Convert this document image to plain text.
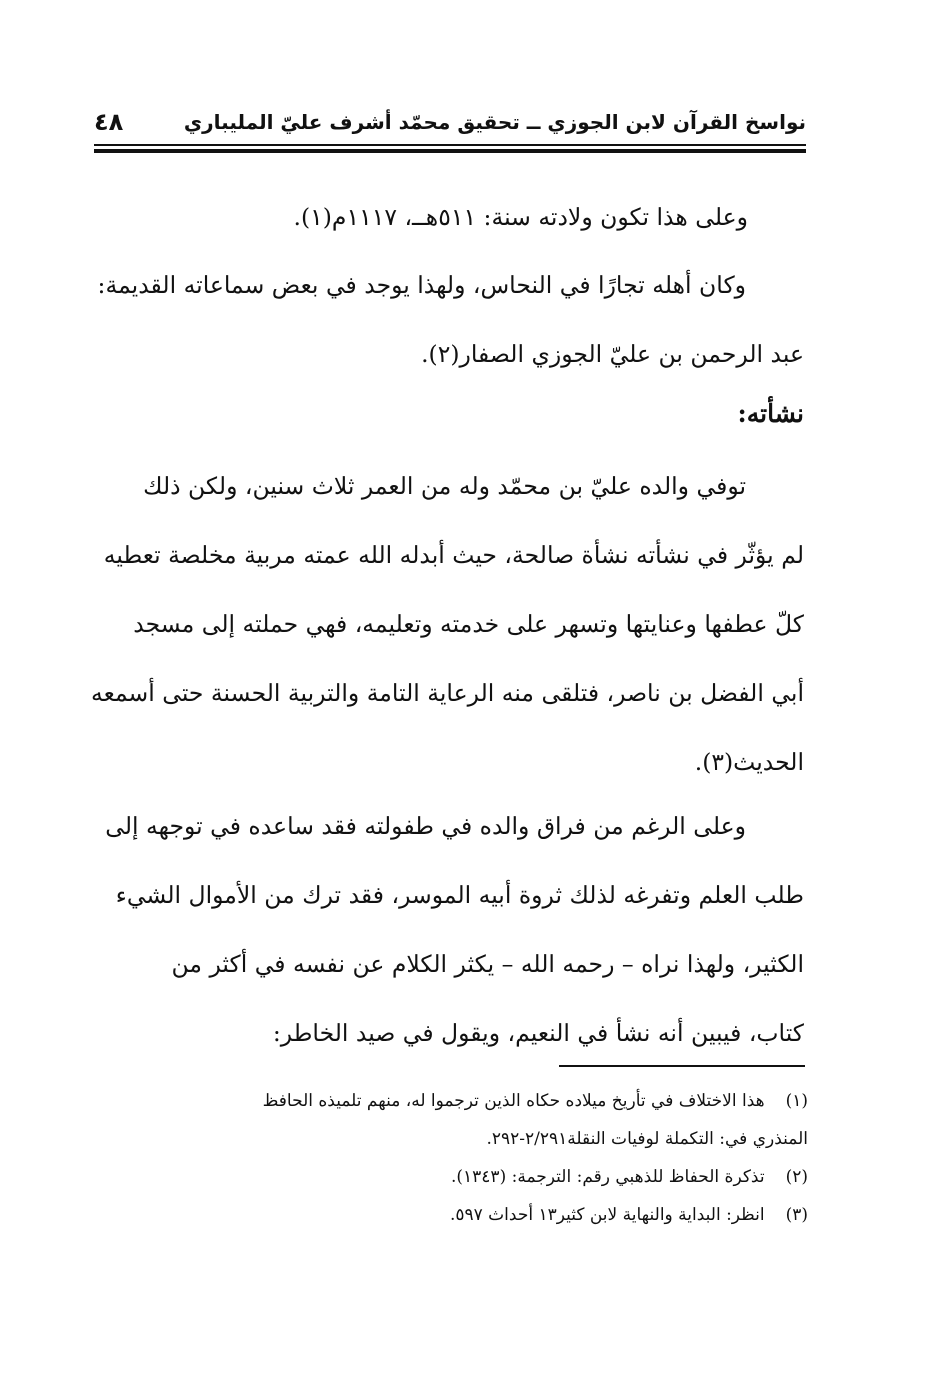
نواسخ القرآن لابن الجوزي ــ تحقيق محمّد أشرف عليّ المليباري
٤٨
وعلى هذا تكون ولادته سنة: ٥١١هــ، ١١١٧م(١).
وكان أهله تجارًا في النحاس، ولهذا يوجد في بعض سماعاته القديمة:
عبد الرحمن بن عليّ الجوزي الصفار(٢).
نشأته:
توفي والده عليّ بن محمّد وله من العمر ثلاث سنين، ولكن ذلك
لم يؤثّر في نشأته نشأة صالحة، حيث أبدله الله عمته مربية مخلصة تعطيه
كلّ عطفها وعنايتها وتسهر على خدمته وتعليمه، فهي حملته إلى مسجد
أبي الفضل بن ناصر، فتلقى منه الرعاية التامة والتربية الحسنة حتى أسمعه
الحديث(٣).
وعلى الرغم من فراق والده في طفولته فقد ساعده في توجهه إلى
طلب العلم وتفرغه لذلك ثروة أبيه الموسر، فقد ترك من الأموال الشيء
الكثير، ولهذا نراه – رحمه الله – يكثر الكلام عن نفسه في أكثر من
كتاب، فيبين أنه نشأ في النعيم، ويقول في صيد الخاطر:
(١) هذا الاختلاف في تأريخ ميلاده حكاه الذين ترجموا له، منهم تلميذه الحافظ
المنذري في: التكملة لوفيات النقلة٢/٢٩١-٢٩٢.
(٢) تذكرة الحفاظ للذهبي رقم: الترجمة: (١٣٤٣).
(٣) انظر: البداية والنهاية لابن كثير١٣ أحداث ٥٩٧.
